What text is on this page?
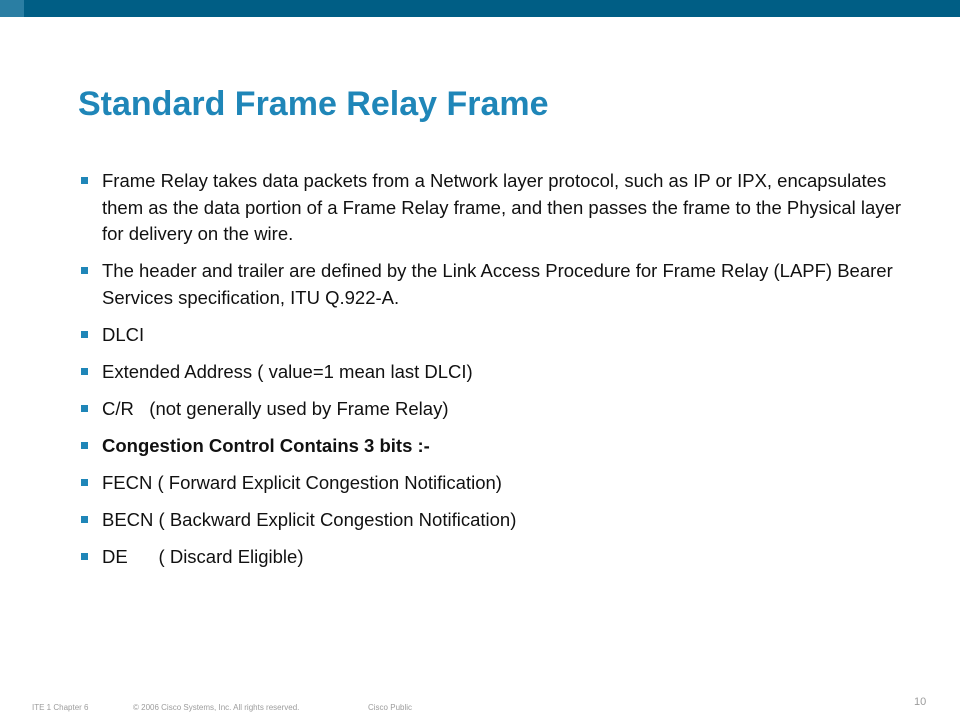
Standard Frame Relay Frame
Frame Relay takes data packets from a Network layer protocol, such as IP or IPX, encapsulates them as the data portion of a Frame Relay frame, and then passes the frame to the Physical layer for delivery on the wire.
The header and trailer are defined by the Link Access Procedure for Frame Relay (LAPF) Bearer Services specification, ITU Q.922-A.
DLCI
Extended Address ( value=1 mean last DLCI)
C/R   (not generally used by Frame Relay)
Congestion Control Contains 3 bits :-
FECN ( Forward Explicit Congestion Notification)
BECN ( Backward Explicit Congestion Notification)
DE      ( Discard Eligible)
ITE 1 Chapter 6	© 2006 Cisco Systems, Inc. All rights reserved.	Cisco Public	10
